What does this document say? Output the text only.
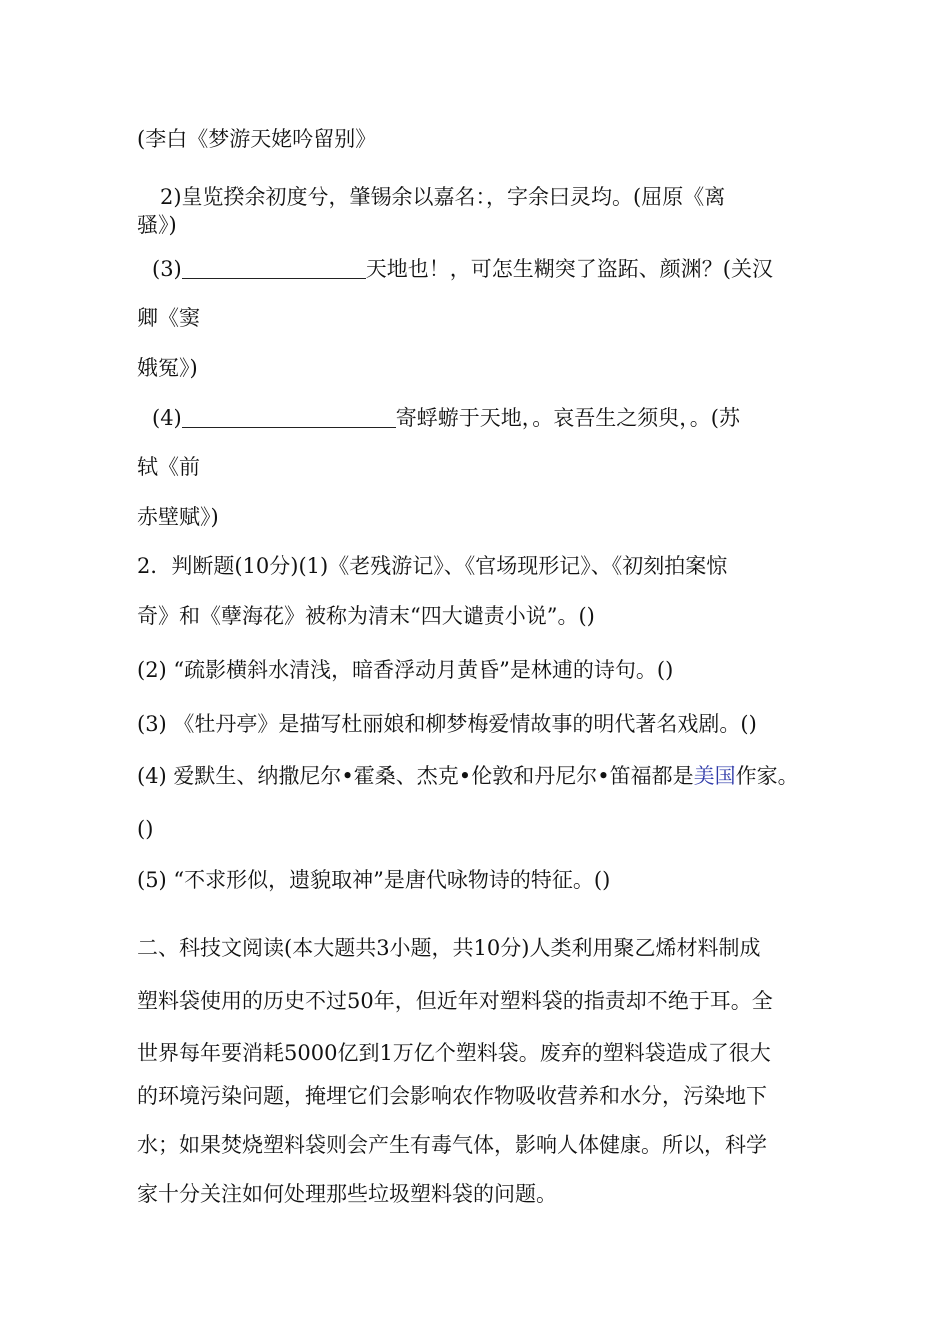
(李白《梦游天姥吟留别》
2)皇览揆余初度兮，肇锡余以嘉名：，字余曰灵均。(屈原《离
骚》)
(3)	天地也！，可怎生糊突了盗跖、颜渊？(关汉
卿《窦
娥冤》)
(4)	寄蜉蝣于天地，。哀吾生之须臾，。(苏
轼《前
赤壁赋》)
2．判断题(10分)(1)《老残游记》、《官场现形记》、《初刻拍案惊
奇》和《孽海花》被称为清末“四大谴责小说”。()
(2) “疏影横斜水清浅，暗香浮动月黄昏”是林逋的诗句。()
(3) 《牡丹亭》是描写杜丽娘和柳梦梅爱情故事的明代著名戏剧。()
(4) 爱默生、纳撒尼尔•霍桑、杰克•伦敦和丹尼尔•笛福都是美国作家。
()
(5) “不求形似，遗貌取神”是唐代咏物诗的特征。()
二、科技文阅读(本大题共3小题，共10分)人类利用聚乙烯材料制成
塑料袋使用的历史不过50年，但近年对塑料袋的指责却不绝于耳。全
世界每年要消耗5000亿到1万亿个塑料袋。废弃的塑料袋造成了很大
的环境污染问题，掩埋它们会影响农作物吸收营养和水分，污染地下
水；如果焚烧塑料袋则会产生有毒气体，影响人体健康。所以，科学
家十分关注如何处理那些垃圾塑料袋的问题。
